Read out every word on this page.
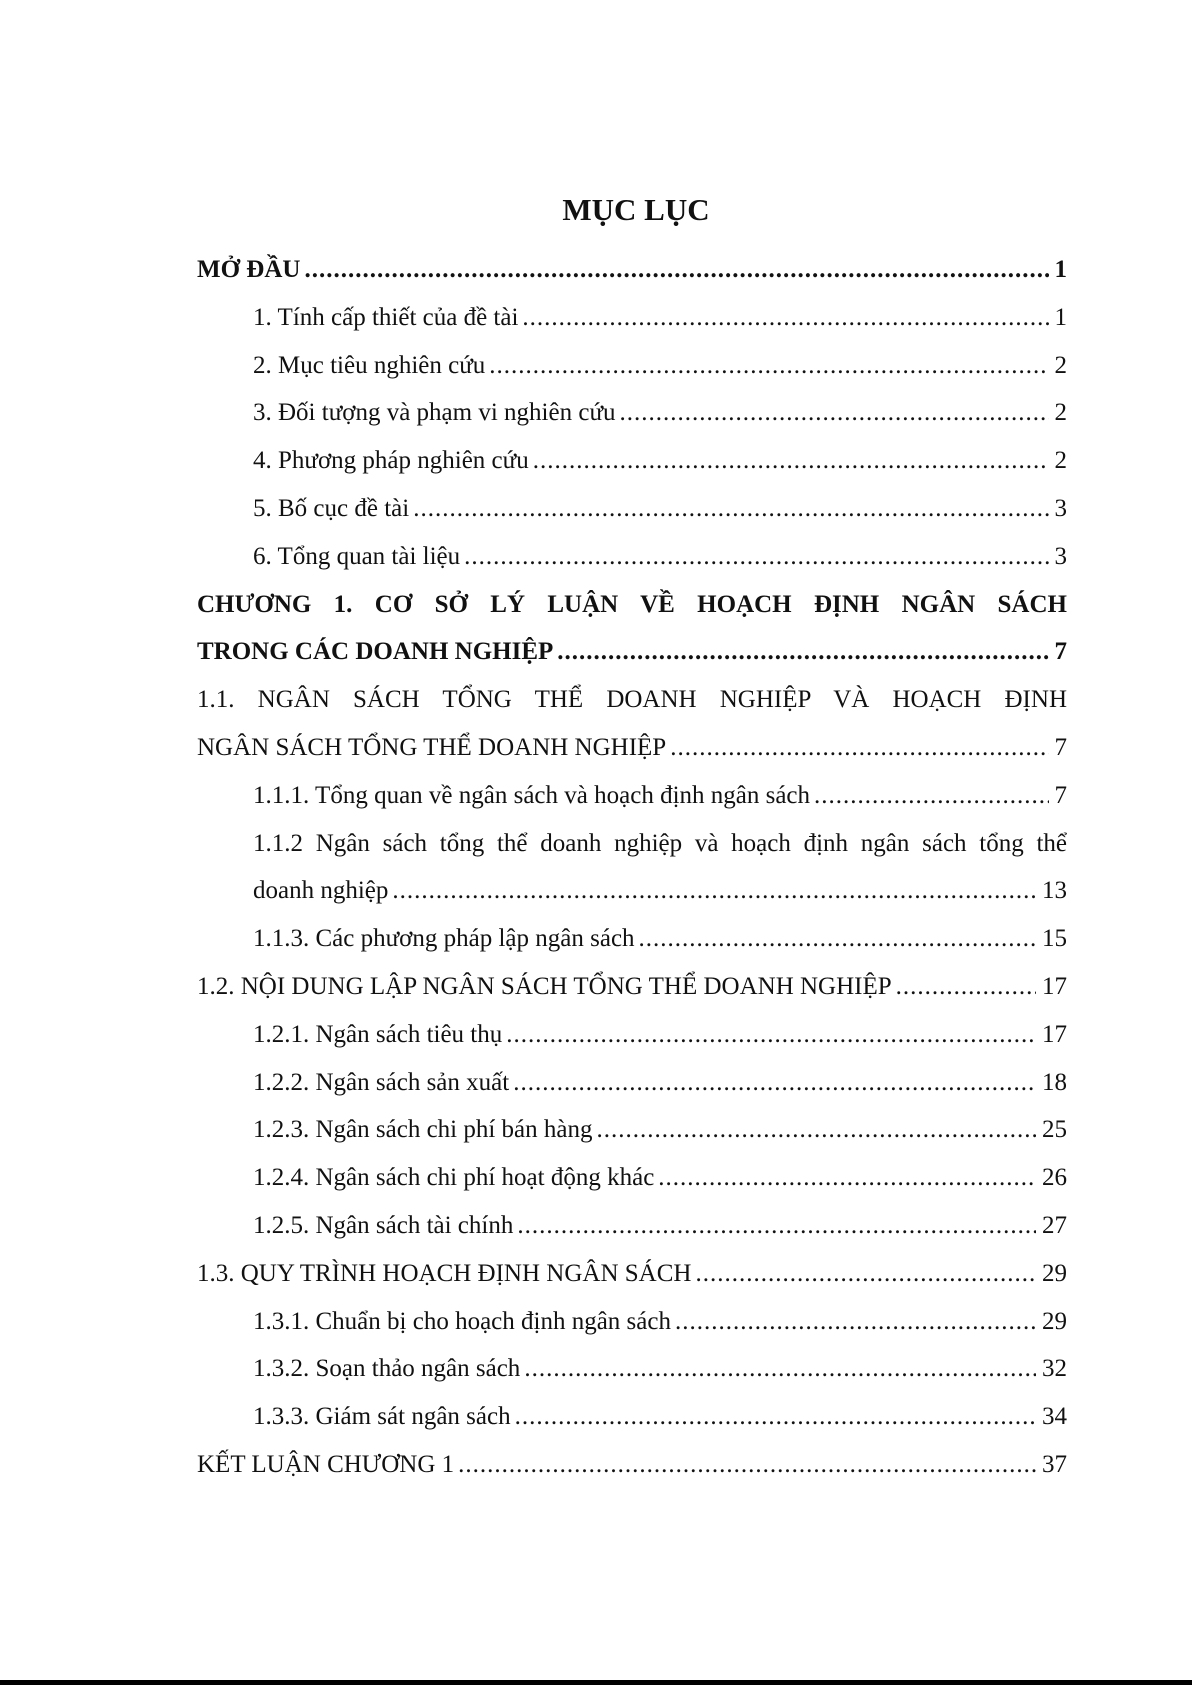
MỤC LỤC
MỞ ĐẦU .....	1
1. Tính cấp thiết của đề tài .....	1
2. Mục tiêu nghiên cứu .....	2
3. Đối tượng và phạm vi nghiên cứu .....	2
4. Phương pháp nghiên cứu .....	2
5. Bố cục đề tài .....	3
6. Tổng quan tài liệu .....	3
CHƯƠNG 1. CƠ SỞ LÝ LUẬN VỀ HOẠCH ĐỊNH NGÂN SÁCH
TRONG CÁC DOANH NGHIỆP .....	7
1.1. NGÂN SÁCH TỔNG THỂ DOANH NGHIỆP VÀ HOẠCH ĐỊNH
NGÂN SÁCH TỔNG THỂ DOANH NGHIỆP .....	7
1.1.1. Tổng quan về ngân sách và hoạch định ngân sách .....	7
1.1.2 Ngân sách tổng thể doanh nghiệp và hoạch định ngân sách tổng thể
doanh nghiệp .....	13
1.1.3. Các phương pháp lập ngân sách .....	15
1.2. NỘI DUNG LẬP NGÂN SÁCH TỔNG THỂ DOANH NGHIỆP .....	17
1.2.1. Ngân sách tiêu thụ .....	17
1.2.2. Ngân sách sản xuất .....	18
1.2.3. Ngân sách chi phí bán hàng .....	25
1.2.4. Ngân sách chi phí hoạt động khác .....	26
1.2.5. Ngân sách tài chính .....	27
1.3. QUY TRÌNH HOẠCH ĐỊNH NGÂN SÁCH .....	29
1.3.1. Chuẩn bị cho hoạch định ngân sách .....	29
1.3.2. Soạn thảo ngân sách .....	32
1.3.3. Giám sát ngân sách .....	34
KẾT LUẬN CHƯƠNG 1 .....	37
